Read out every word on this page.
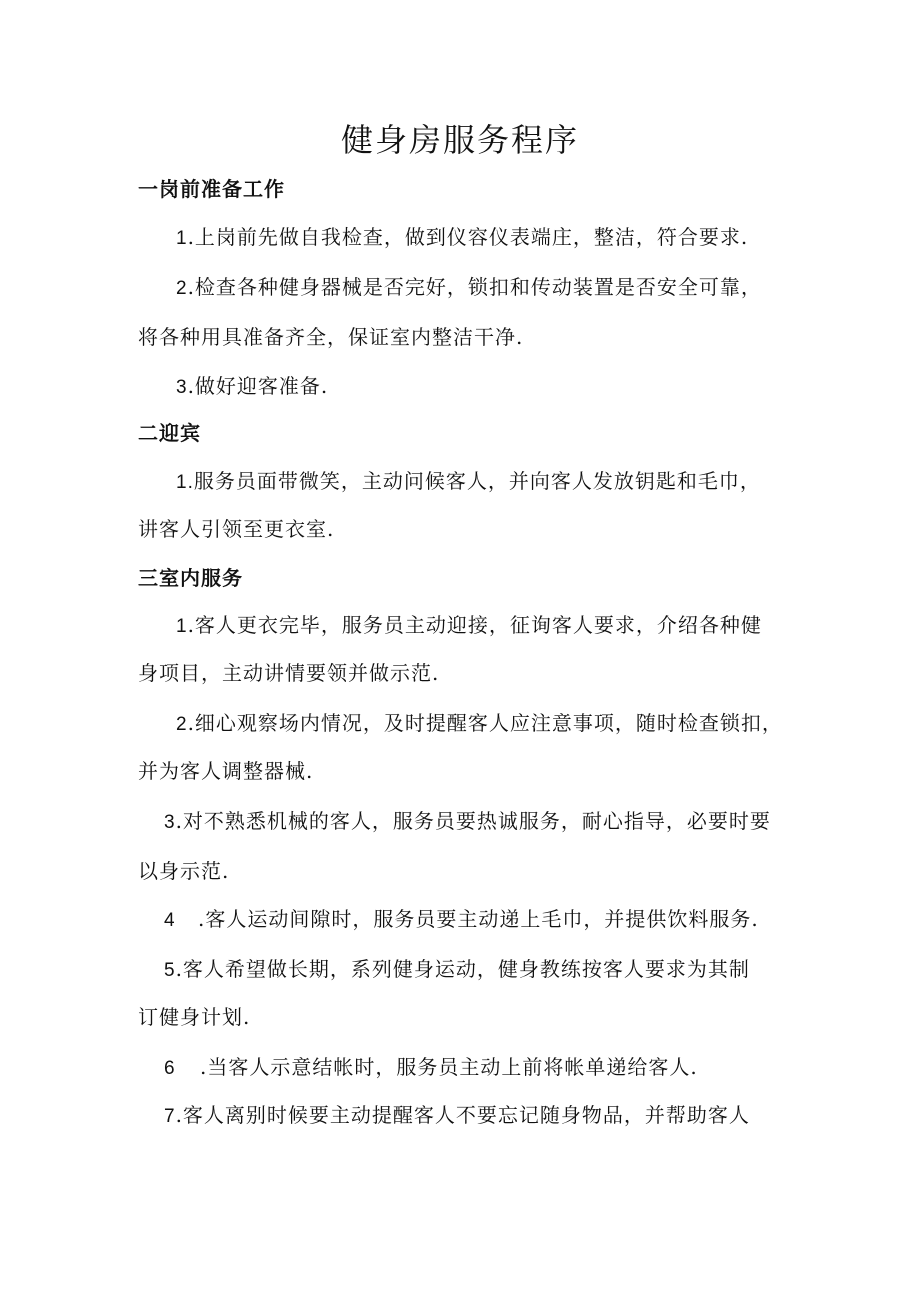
健身房服务程序
一岗前准备工作
1.上岗前先做自我检查，做到仪容仪表端庄，整洁，符合要求.
2.检查各种健身器械是否完好，锁扣和传动装置是否安全可靠，
将各种用具准备齐全，保证室内整洁干净.
3.做好迎客准备.
二迎宾
1.服务员面带微笑，主动问候客人，并向客人发放钥匙和毛巾，
讲客人引领至更衣室.
三室内服务
1.客人更衣完毕，服务员主动迎接，征询客人要求，介绍各种健
身项目，主动讲情要领并做示范.
2.细心观察场内情况，及时提醒客人应注意事项，随时检查锁扣，
并为客人调整器械.
3.对不熟悉机械的客人，服务员要热诚服务，耐心指导，必要时要
以身示范.
4 .客人运动间隙时，服务员要主动递上毛巾，并提供饮料服务.
5.客人希望做长期，系列健身运动，健身教练按客人要求为其制
订健身计划.
6 .当客人示意结帐时，服务员主动上前将帐单递给客人.
7.客人离别时候要主动提醒客人不要忘记随身物品，并帮助客人
